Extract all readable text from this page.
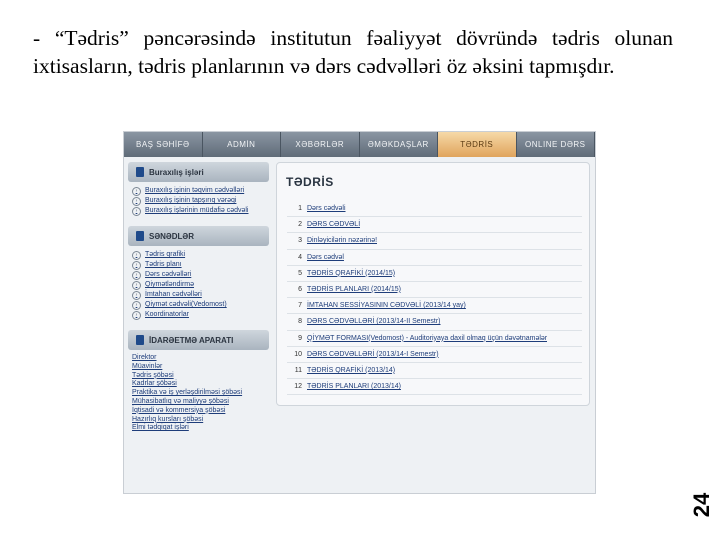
- “Tədris” pəncərəsində institutun fəaliyyət dövründə tədris olunan ixtisasların, tədris planlarının və dərs cədvəlləri öz əksini tapmışdır.

BAŞ SƏHİFƏ	ADMİN	XƏBƏRLƏR	ƏMƏKDAŞLAR	TƏDRİS	ONLINE DƏRS
Buraxılış işləri
›	Buraxılış işinin təqvim cədvəlləri
›	Buraxılış işinin tapşırıq vərəqi
›	Buraxılış işlərinin müdafiə cədvəli
SƏNƏDLƏR
›	Tədris qrafiki
›	Tədris planı
›	Dərs cədvəlləri
›	Qiymətləndirmə
›	İmtahan cədvəlləri
›	Qiymət cədvəli(Vedomost)
›	Koordinatorlar
İDARƏETMƏ APARATI
Direktor
Müavinlər
Tədris şöbəsi
Kadrlar şöbəsi
Praktika və iş yerləşdirilməsi şöbəsi
Mühasibatlıq və maliyyə şöbəsi
İqtisadi və kommersiya şöbəsi
Hazırlıq kursları şöbəsi
Elmi tədqiqat işləri
TƏDRİS
1 Dərs cədvəli
2 DƏRS CƏDVƏLİ
3 Dinləyicilərin nəzərinə!
4 Dərs cədvəl
5 TƏDRİS QRAFİKİ (2014/15)
6 TƏDRİS PLANLARI (2014/15)
7 İMTAHAN SESSİYASININ CƏDVƏLİ (2013/14 yay)
8 DƏRS CƏDVƏLLƏRİ (2013/14-II Semestr)
9 QİYMƏT FORMASI(Vedomost) - Auditoriyaya daxil olmaq üçün dəvətnamələr
10 DƏRS CƏDVƏLLƏRİ (2013/14-I Semestr)
11 TƏDRİS QRAFİKİ (2013/14)
12 TƏDRİS PLANLARI (2013/14)
24
